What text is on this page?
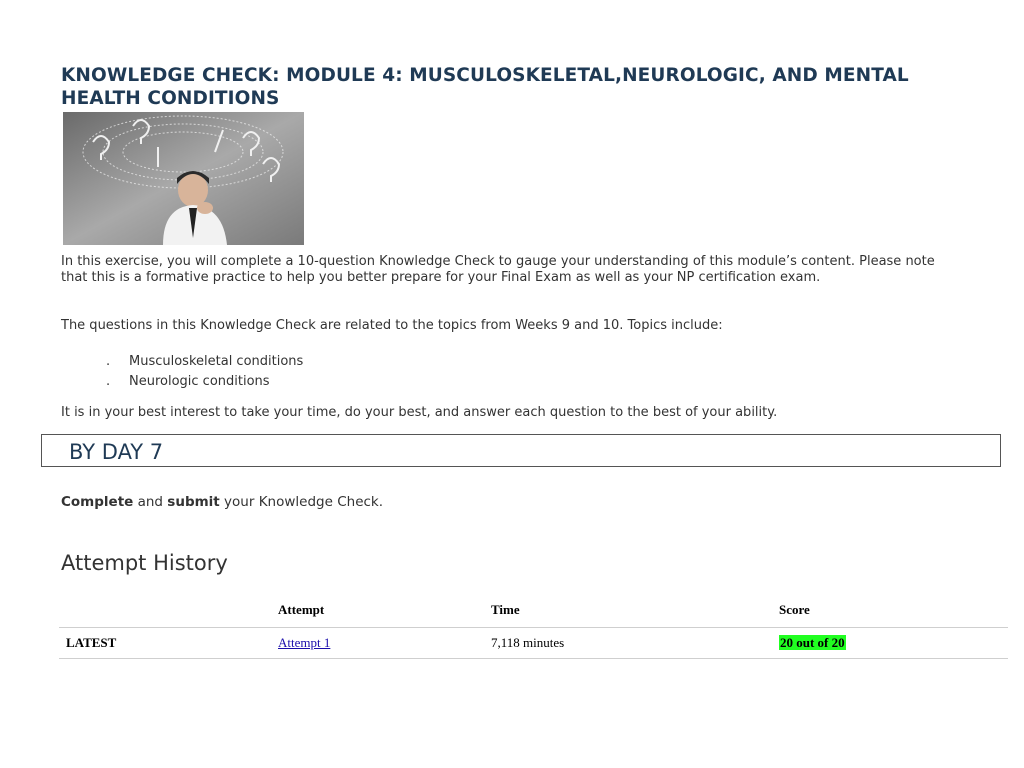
KNOWLEDGE CHECK: MODULE 4: MUSCULOSKELETAL,NEUROLOGIC, AND MENTAL HEALTH CONDITIONS

In this exercise, you will complete a 10-question Knowledge Check to gauge your understanding of this module’s content. Please note that this is a formative practice to help you better prepare for your Final Exam as well as your NP certification exam.

The questions in this Knowledge Check are related to the topics from Weeks 9 and 10. Topics include:

. Musculoskeletal conditions
. Neurologic conditions

It is in your best interest to take your time, do your best, and answer each question to the best of your ability.

BY DAY 7

Complete and submit your Knowledge Check.

Attempt History
	Attempt	Time	Score
LATEST	Attempt 1	7,118 minutes	20 out of 20
